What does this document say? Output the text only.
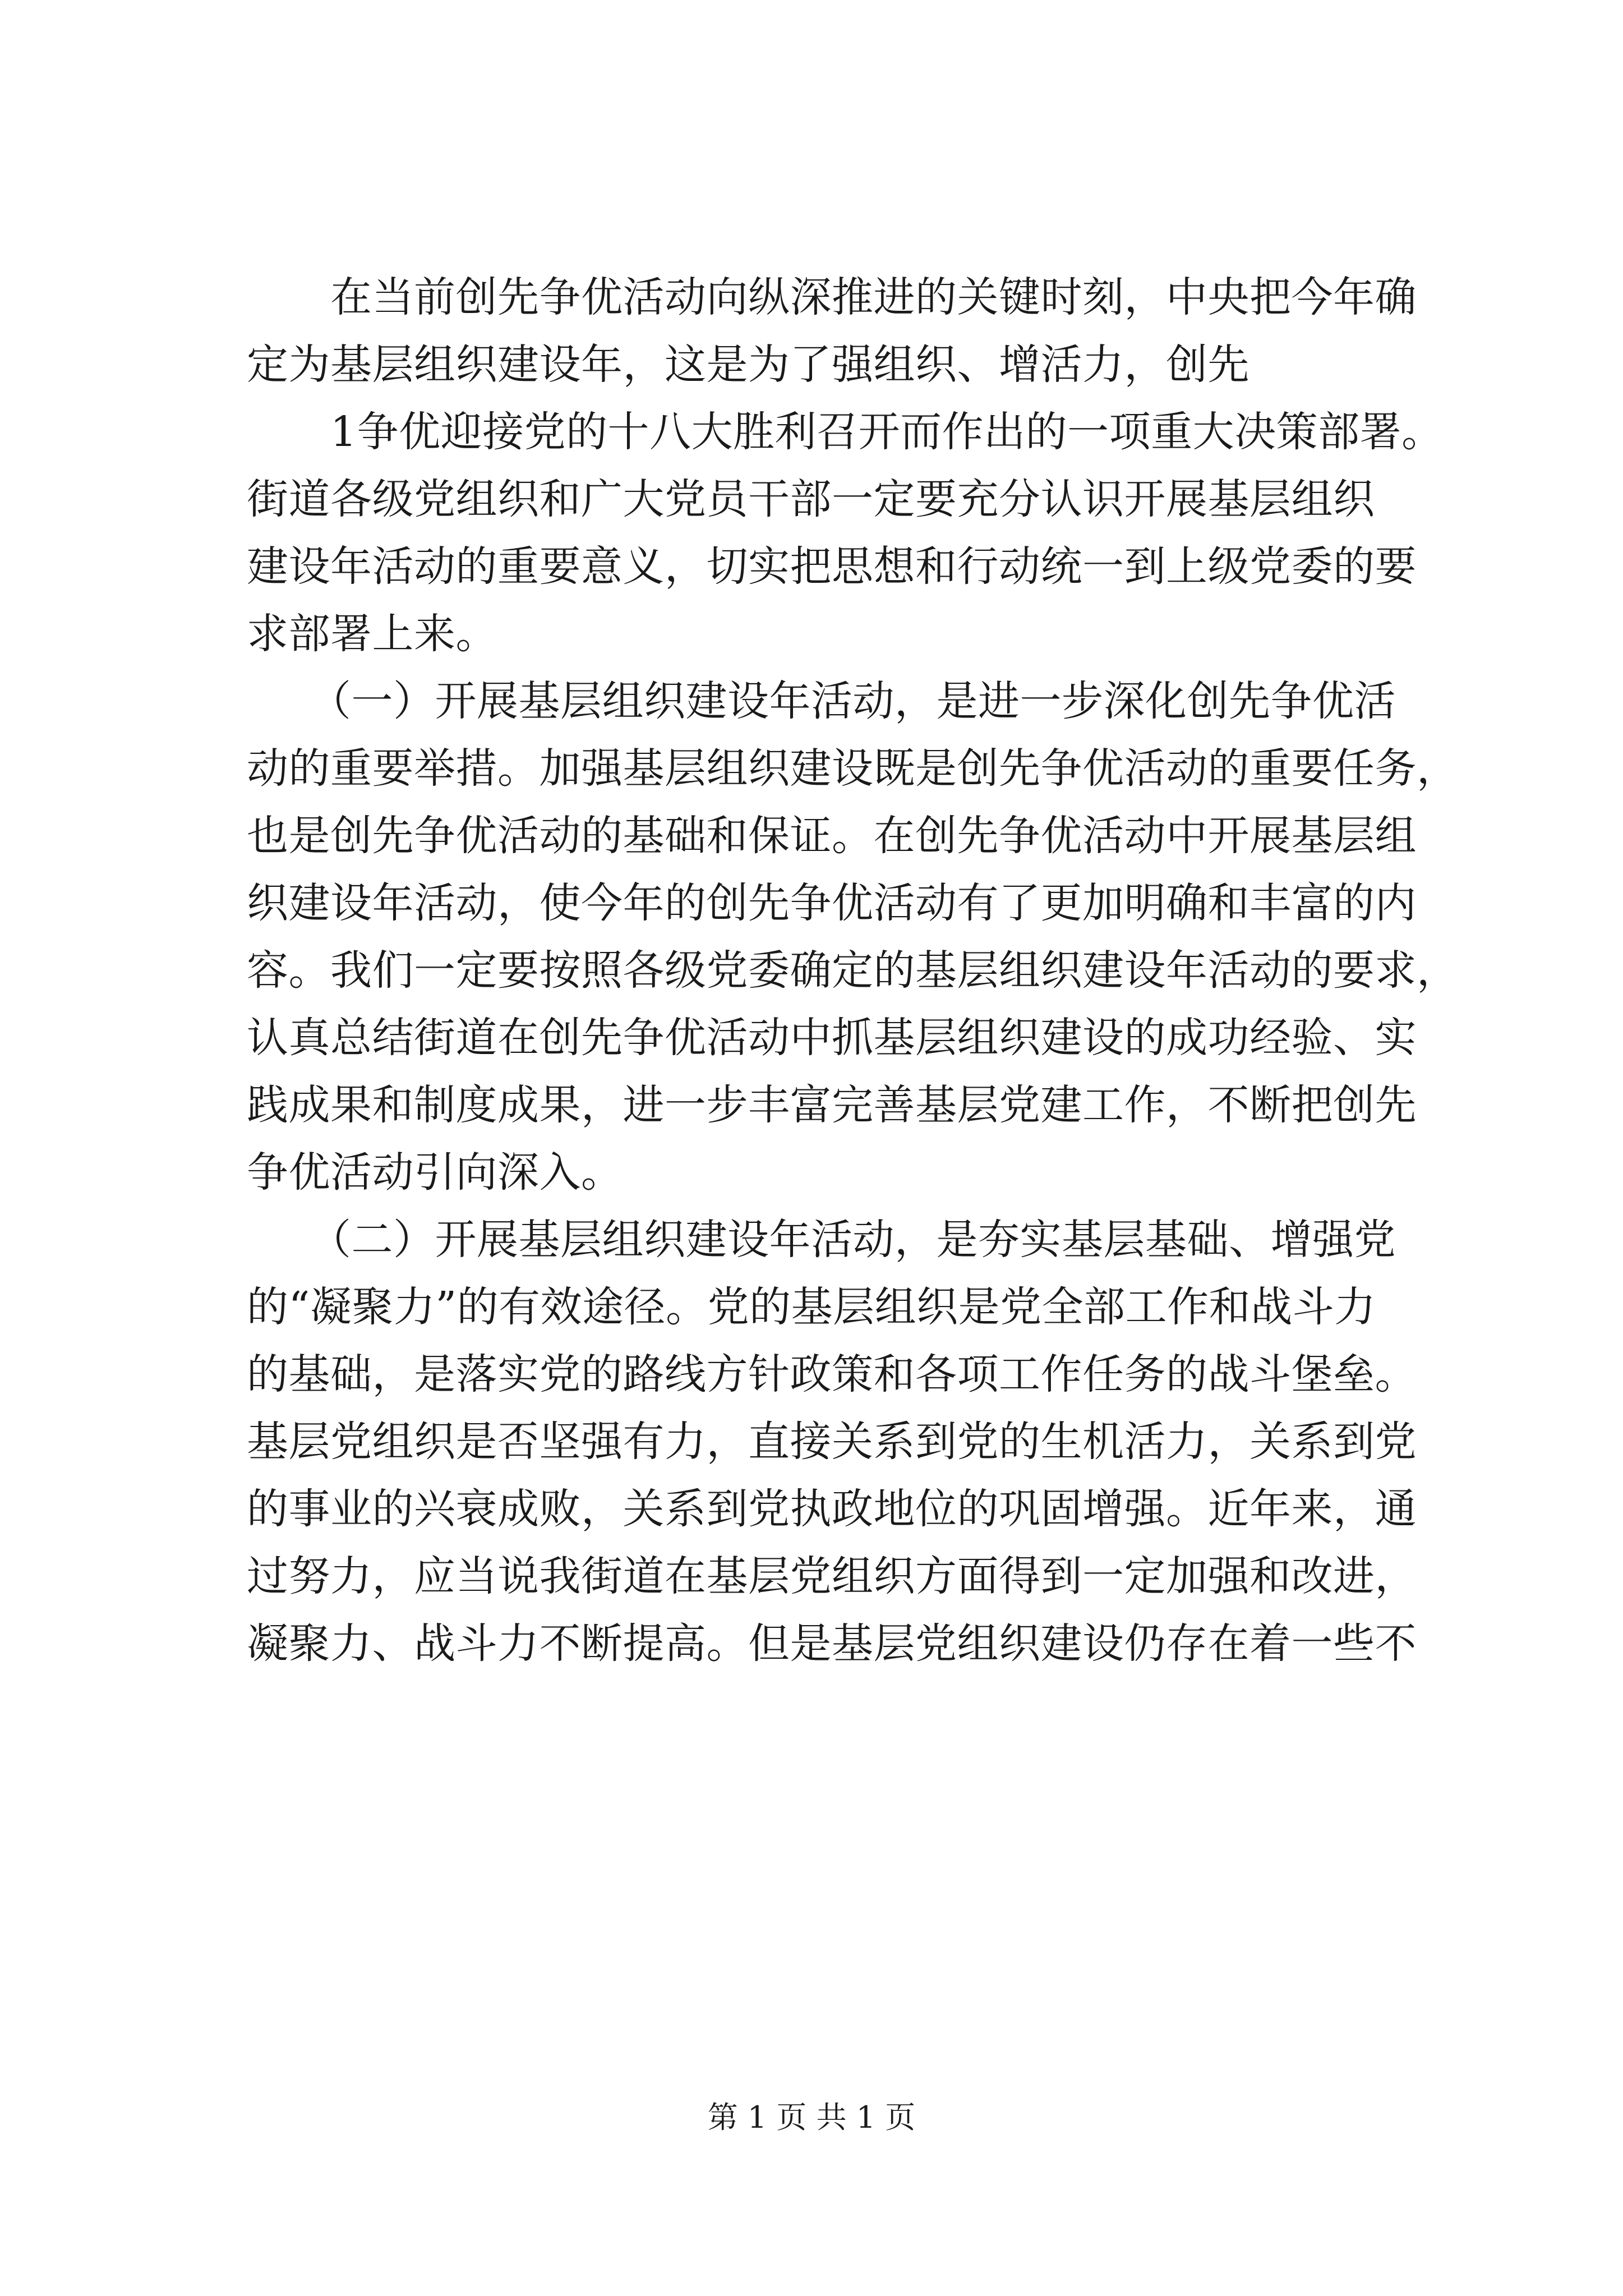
　　在当前创先争优活动向纵深推进的关键时刻，中央把今年确
定为基层组织建设年，这是为了强组织、增活力，创先
　　1争优迎接党的十八大胜利召开而作出的一项重大决策部署。
街道各级党组织和广大党员干部一定要充分认识开展基层组织
建设年活动的重要意义，切实把思想和行动统一到上级党委的要
求部署上来。
　　（一）开展基层组织建设年活动，是进一步深化创先争优活
动的重要举措。加强基层组织建设既是创先争优活动的重要任务，
也是创先争优活动的基础和保证。在创先争优活动中开展基层组
织建设年活动，使今年的创先争优活动有了更加明确和丰富的内
容。我们一定要按照各级党委确定的基层组织建设年活动的要求，
认真总结街道在创先争优活动中抓基层组织建设的成功经验、实
践成果和制度成果，进一步丰富完善基层党建工作，不断把创先
争优活动引向深入。
　　（二）开展基层组织建设年活动，是夯实基层基础、增强党
的“凝聚力”的有效途径。党的基层组织是党全部工作和战斗力
的基础，是落实党的路线方针政策和各项工作任务的战斗堡垒。
基层党组织是否坚强有力，直接关系到党的生机活力，关系到党
的事业的兴衰成败，关系到党执政地位的巩固增强。近年来，通
过努力，应当说我街道在基层党组织方面得到一定加强和改进，
凝聚力、战斗力不断提高。但是基层党组织建设仍存在着一些不
第 1 页 共 1 页
